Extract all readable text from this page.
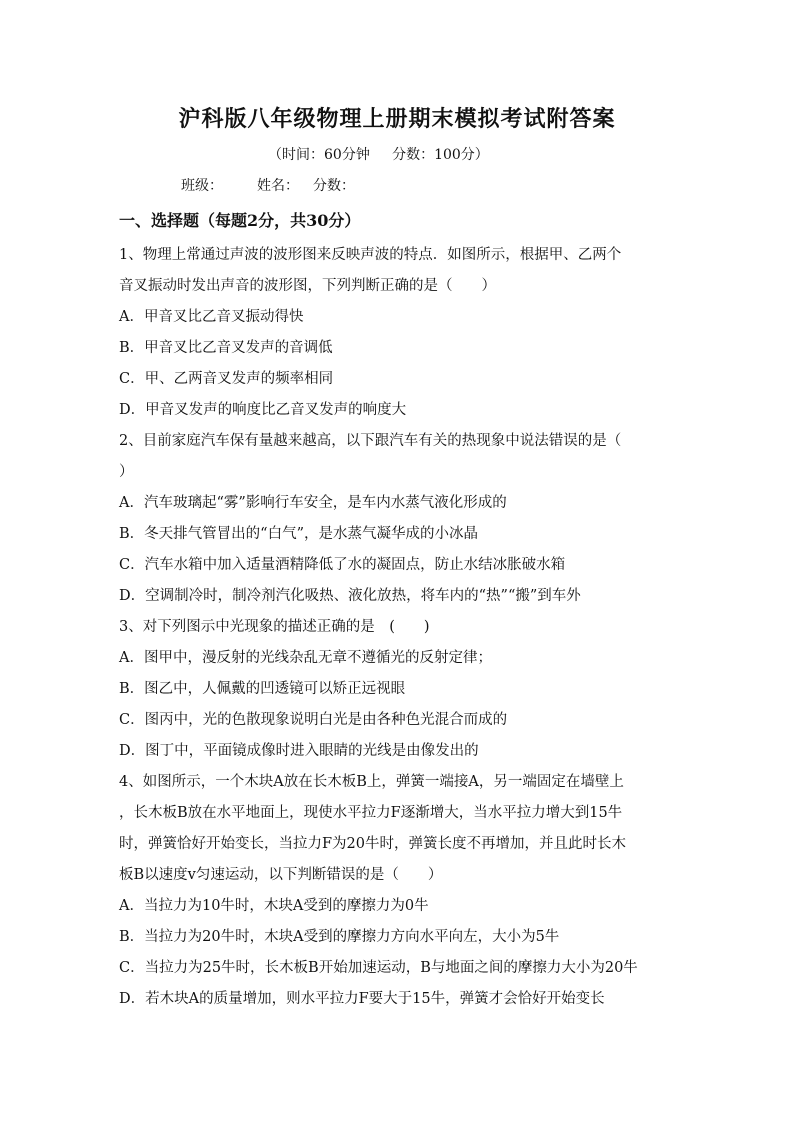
沪科版八年级物理上册期末模拟考试附答案
（时间：60分钟     分数：100分）
班级： 姓名： 分数：
一、选择题（每题2分，共30分）
1、物理上常通过声波的波形图来反映声波的特点．如图所示，根据甲、乙两个
音叉振动时发出声音的波形图，下列判断正确的是（　　）
A．甲音叉比乙音叉振动得快
B．甲音叉比乙音叉发声的音调低
C．甲、乙两音叉发声的频率相同
D．甲音叉发声的响度比乙音叉发声的响度大
2、目前家庭汽车保有量越来越高，以下跟汽车有关的热现象中说法错误的是（
）
A．汽车玻璃起“雾”影响行车安全，是车内水蒸气液化形成的
B．冬天排气管冒出的“白气”，是水蒸气凝华成的小冰晶
C．汽车水箱中加入适量酒精降低了水的凝固点，防止水结冰胀破水箱
D．空调制冷时，制冷剂汽化吸热、液化放热，将车内的“热”“搬”到车外
3、对下列图示中光现象的描述正确的是　(　　)
A．图甲中，漫反射的光线杂乱无章不遵循光的反射定律；
B．图乙中，人佩戴的凹透镜可以矫正远视眼
C．图丙中，光的色散现象说明白光是由各种色光混合而成的
D．图丁中，平面镜成像时进入眼睛的光线是由像发出的
4、如图所示，一个木块A放在长木板B上，弹簧一端接A，另一端固定在墙壁上
，长木板B放在水平地面上，现使水平拉力F逐渐增大，当水平拉力增大到15牛
时，弹簧恰好开始变长，当拉力F为20牛时，弹簧长度不再增加，并且此时长木
板B以速度v匀速运动，以下判断错误的是（　　）
A．当拉力为10牛时，木块A受到的摩擦力为0牛
B．当拉力为20牛时，木块A受到的摩擦力方向水平向左，大小为5牛
C．当拉力为25牛时，长木板B开始加速运动，B与地面之间的摩擦力大小为20牛
D．若木块A的质量增加，则水平拉力F要大于15牛，弹簧才会恰好开始变长
